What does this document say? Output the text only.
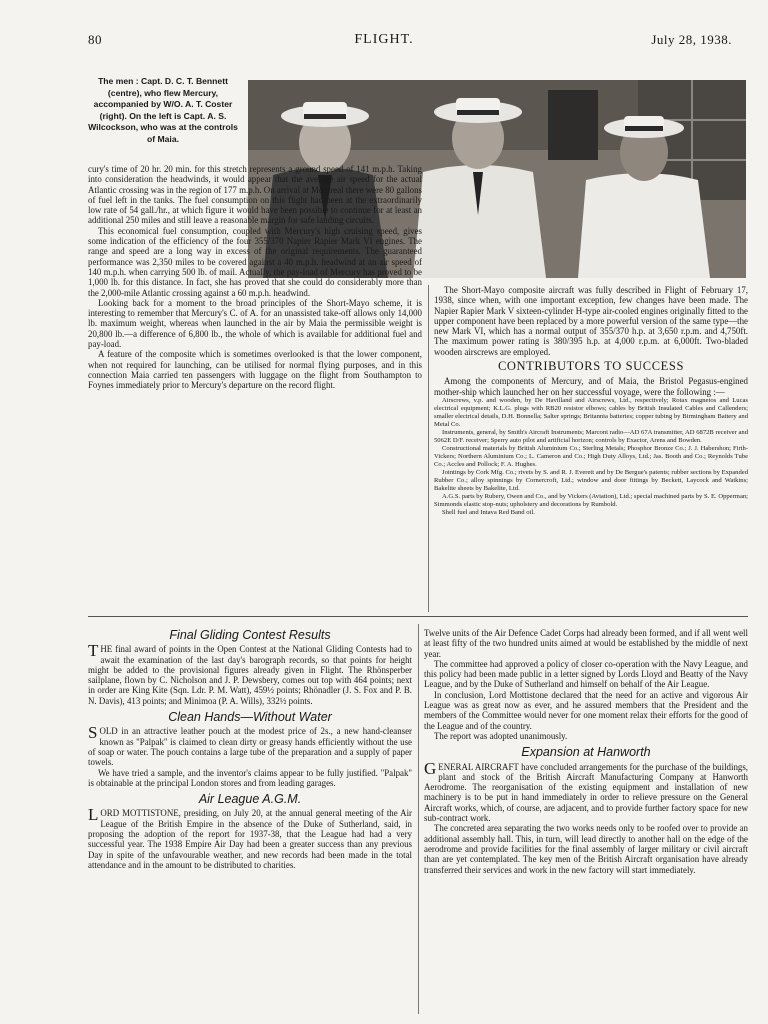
80	FLIGHT.	July 28, 1938.
The men : Capt. D. C. T. Bennett (centre), who flew Mercury, accompanied by W/O. A. T. Coster (right). On the left is Capt. A. S. Wilcockson, who was at the controls of Maia.

cury's time of 20 hr. 20 min. for this stretch represents a ground speed of 141 m.p.h. Taking into consideration the headwinds, it would appear that the average air speed for the actual Atlantic crossing was in the region of 177 m.p.h. On arrival at Montreal there were 80 gallons of fuel left in the tanks. The fuel consumption on this flight had been at the extraordinarily low rate of 54 gall./hr., at which figure it would have been possible to continue for at least an additional 250 miles and still leave a reasonable margin for safe landing circuits.

This economical fuel consumption, coupled with Mercury's high cruising speed, gives some indication of the efficiency of the four 355/370 Napier Rapier Mark VI engines. The range and speed are a long way in excess of the original requirements. The guaranteed performance was 2,350 miles to be covered against a 40 m.p.h. headwind at an air speed of 140 m.p.h. when carrying 500 lb. of mail. Actually, the pay-load of Mercury has proved to be 1,000 lb. for this distance. In fact, she has proved that she could do considerably more than the 2,000-mile Atlantic crossing against a 60 m.p.h. headwind.

Looking back for a moment to the broad principles of the Short-Mayo scheme, it is interesting to remember that Mercury's C. of A. for an unassisted take-off allows only 14,000 lb. maximum weight, whereas when launched in the air by Maia the permissible weight is 20,800 lb.—a difference of 6,800 lb., the whole of which is available for additional fuel and pay-load.

A feature of the composite which is sometimes overlooked is that the lower component, when not required for launching, can be utilised for normal flying purposes, and in this connection Maia carried ten passengers with luggage on the flight from Southampton to Foynes immediately prior to Mercury's departure on the record flight.

The Short-Mayo composite aircraft was fully described in Flight of February 17, 1938, since when, with one important exception, few changes have been made. The Napier Rapier Mark V sixteen-cylinder H-type air-cooled engines originally fitted to the upper component have been replaced by a more powerful version of the same type—the new Mark VI, which has a normal output of 355/370 h.p. at 3,650 r.p.m. and 4,750ft. The maximum power rating is 380/395 h.p. at 4,000 r.p.m. at 6,000ft. Two-bladed wooden airscrews are employed.

CONTRIBUTORS TO SUCCESS

Among the components of Mercury, and of Maia, the Bristol Pegasus-engined mother-ship which launched her on her successful voyage, were the following :—

Airscrews, v.p. and wooden, by De Havilland and Airscrews, Ltd., respectively; Rotax magnetos and Lucas electrical equipment; K.L.G. plugs with RB20 resistor elbows; cables by British Insulated Cables and Callenders; smaller electrical details, D.H. Bonnella; Salter springs; Britannia batteries; copper tubing by Birmingham Battery and Metal Co.

Instruments, general, by Smith's Aircraft Instruments; Marconi radio—AD 67A transmitter, AD 6872B receiver and 5062E D/F. receiver; Sperry auto pilot and artificial horizon; controls by Exactor, Arens and Bowden.

Constructional materials by British Aluminium Co.; Sterling Metals; Phosphor Bronze Co.; J. J. Habershon; Firth-Vickers; Northern Aluminium Co.; L. Cameron and Co.; High Duty Alloys, Ltd.; Jas. Booth and Co.; Reynolds Tube Co.; Accles and Pollock; F. A. Hughes.

Jointings by Cork Mfg. Co.; rivets by S. and R. J. Everett and by De Bergue's patents; rubber sections by Expanded Rubber Co.; alloy spinnings by Cornercroft, Ltd.; window and door fittings by Beckett, Laycock and Watkins; Bakelite sheets by Bakelite, Ltd.

A.G.S. parts by Rubery, Owen and Co., and by Vickers (Aviation), Ltd.; special machined parts by S. E. Opperman; Simmonds elastic stop-nuts; upholstery and decorations by Rumbold.

Shell fuel and Intava Red Band oil.

Final Gliding Contest Results

THE final award of points in the Open Contest at the National Gliding Contests had to await the examination of the last day's barograph records, so that points for height might be added to the provisional figures already given in Flight. The Rhönsperber sailplane, flown by C. Nicholson and J. P. Dewsbery, comes out top with 464 points; next in order are King Kite (Sqn. Ldr. P. M. Watt), 459½ points; Rhönadler (J. S. Fox and P. B. N. Davis), 413 points; and Minimoa (P. A. Wills), 332½ points.

Clean Hands—Without Water

SOLD in an attractive leather pouch at the modest price of 2s., a new hand-cleanser known as "Palpak" is claimed to clean dirty or greasy hands efficiently without the use of soap or water. The pouch contains a large tube of the preparation and a supply of paper towels.

We have tried a sample, and the inventor's claims appear to be fully justified. "Palpak" is obtainable at the principal London stores and from leading garages.

Air League A.G.M.

LORD MOTTISTONE, presiding, on July 20, at the annual general meeting of the Air League of the British Empire in the absence of the Duke of Sutherland, said, in proposing the adoption of the report for 1937-38, that the League had had a very successful year. The 1938 Empire Air Day had been a greater success than any previous Day in spite of the unfavourable weather, and new records had been made in the total attendance and in the amount to be distributed to charities.

Twelve units of the Air Defence Cadet Corps had already been formed, and if all went well at least fifty of the two hundred units aimed at would be established by the middle of next year.

The committee had approved a policy of closer co-operation with the Navy League, and this policy had been made public in a letter signed by Lords Lloyd and Beatty of the Navy League, and by the Duke of Sutherland and himself on behalf of the Air League.

In conclusion, Lord Mottistone declared that the need for an active and vigorous Air League was as great now as ever, and he assured members that the President and the members of the Committee would never for one moment relax their efforts for the good of the League and of the country.

The report was adopted unanimously.

Expansion at Hanworth

GENERAL AIRCRAFT have concluded arrangements for the purchase of the buildings, plant and stock of the British Aircraft Manufacturing Company at Hanworth Aerodrome. The reorganisation of the existing equipment and installation of new machinery is to be put in hand immediately in order to relieve pressure on the General Aircraft works, which, of course, are adjacent, and to provide further factory space for new sub-contract work.

The concreted area separating the two works needs only to be roofed over to provide an additional assembly hall. This, in turn, will lead directly to another hall on the edge of the aerodrome and provide facilities for the final assembly of larger military or civil aircraft than are yet contemplated. The key men of the British Aircraft organisation have already transferred their services and work in the new factory will start immediately.
